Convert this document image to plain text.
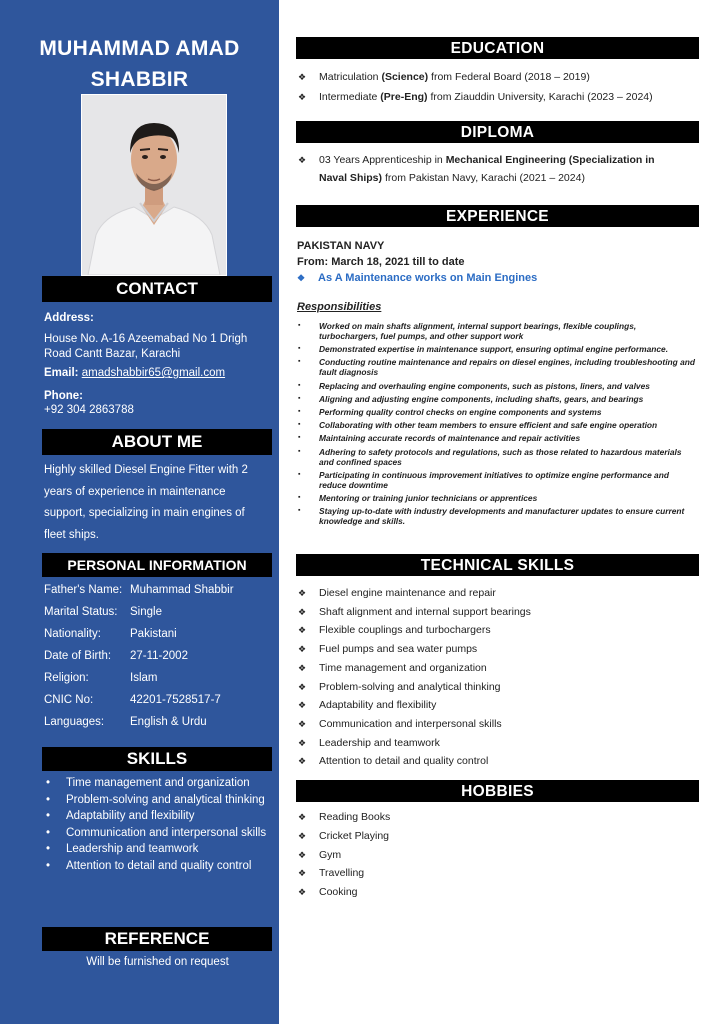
MUHAMMAD AMAD
SHABBIR
CONTACT
Address:
House No. A-16 Azeemabad No 1 Drigh
Road Cantt Bazar, Karachi
Email: amadshabbir65@gmail.com
Phone:
+92 304 2863788
ABOUT ME
Highly skilled Diesel Engine Fitter with 2 years of experience in maintenance support, specializing in main engines of fleet ships.
PERSONAL INFORMATION
Father's Name: Muhammad Shabbir
Marital Status: Single
Nationality:	Pakistani
Date of Birth: 27-11-2002
Religion:	Islam
CNIC No:	42201-7528517-7
Languages: English & Urdu
SKILLS
• Time management and organization
• Problem-solving and analytical thinking
• Adaptability and flexibility
• Communication and interpersonal skills
• Leadership and teamwork
• Attention to detail and quality control
REFERENCE
Will be furnished on request
EDUCATION
❖ Matriculation (Science) from Federal Board (2018 – 2019)
❖ Intermediate (Pre-Eng) from Ziauddin University, Karachi (2023 – 2024)
DIPLOMA
❖ 03 Years Apprenticeship in Mechanical Engineering (Specialization in Naval Ships) from Pakistan Navy, Karachi (2021 – 2024)
EXPERIENCE
PAKISTAN NAVY
From: March 18, 2021 till to date
❖ As A Maintenance works on Main Engines
Responsibilities
▪ Worked on main shafts alignment, internal support bearings, flexible couplings, turbochargers, fuel pumps, and other support work
▪ Demonstrated expertise in maintenance support, ensuring optimal engine performance.
▪ Conducting routine maintenance and repairs on diesel engines, including troubleshooting and fault diagnosis
▪ Replacing and overhauling engine components, such as pistons, liners, and valves
▪ Aligning and adjusting engine components, including shafts, gears, and bearings
▪ Performing quality control checks on engine components and systems
▪ Collaborating with other team members to ensure efficient and safe engine operation
▪ Maintaining accurate records of maintenance and repair activities
▪ Adhering to safety protocols and regulations, such as those related to hazardous materials and confined spaces
▪ Participating in continuous improvement initiatives to optimize engine performance and reduce downtime
▪ Mentoring or training junior technicians or apprentices
▪ Staying up-to-date with industry developments and manufacturer updates to ensure current knowledge and skills.
TECHNICAL SKILLS
❖ Diesel engine maintenance and repair
❖ Shaft alignment and internal support bearings
❖ Flexible couplings and turbochargers
❖ Fuel pumps and sea water pumps
❖ Time management and organization
❖ Problem-solving and analytical thinking
❖ Adaptability and flexibility
❖ Communication and interpersonal skills
❖ Leadership and teamwork
❖ Attention to detail and quality control
HOBBIES
❖ Reading Books
❖ Cricket Playing
❖ Gym
❖ Travelling
❖ Cooking
